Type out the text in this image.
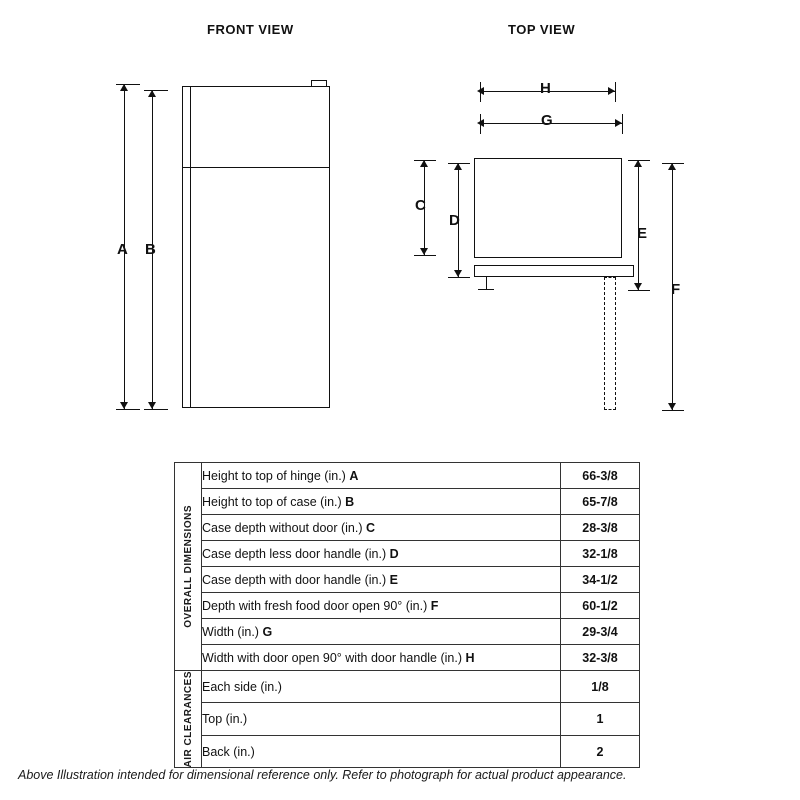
FRONT VIEW	TOP VIEW
A B
H
G
C
D
E
F
OVERALL DIMENSIONS	Height to top of hinge (in.) A	66-3/8
	Height to top of case (in.) B	65-7/8
	Case depth without door (in.) C	28-3/8
	Case depth less door handle (in.) D	32-1/8
	Case depth with door handle (in.) E	34-1/2
	Depth with fresh food door open 90° (in.) F	60-1/2
	Width (in.) G	29-3/4
	Width with door open 90° with door handle (in.) H	32-3/8

AIR CLEARANCES	Each side (in.)	1/8
	Top (in.)	1
	Back (in.)	2
Above Illustration intended for dimensional reference only. Refer to photograph for actual product appearance.
